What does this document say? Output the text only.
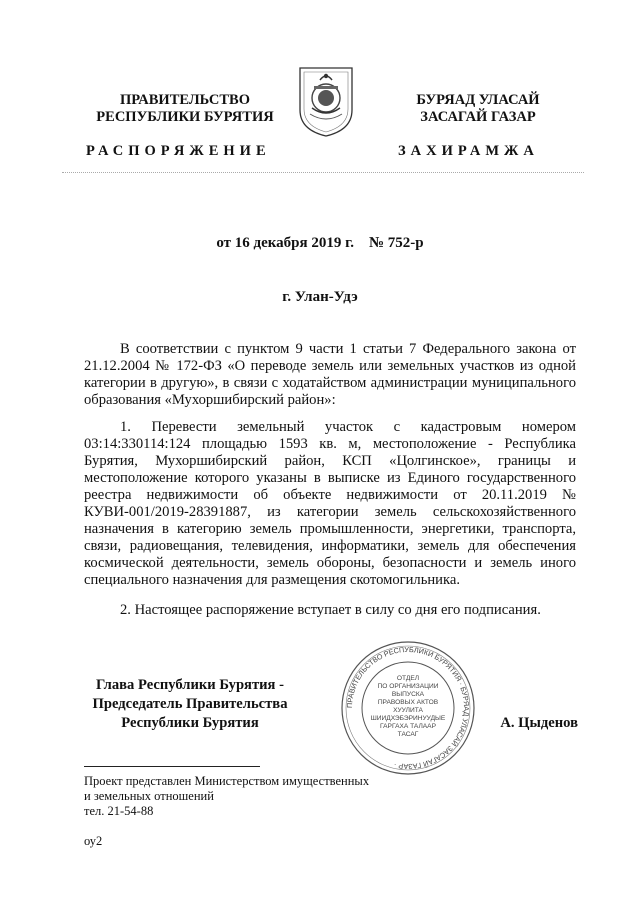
ПРАВИТЕЛЬСТВО
РЕСПУБЛИКИ БУРЯТИЯ
БУРЯАД УЛАСАЙ
ЗАСАГАЙ ГАЗАР
РАСПОРЯЖЕНИЕ	ЗАХИРАМЖА
от 16 декабря 2019 г.    № 752-р
г. Улан-Удэ

В соответствии с пунктом 9 части 1 статьи 7 Федерального закона от 21.12.2004 № 172-ФЗ «О переводе земель или земельных участков из одной категории в другую», в связи с ходатайством администрации муниципального образования «Мухоршибирский район»:

1. Перевести земельный участок с кадастровым номером 03:14:330114:124 площадью 1593 кв. м, местоположение - Республика Бурятия, Мухоршибирский район, КСП «Цолгинское», границы и местоположение которого указаны в выписке из Единого государственного реестра недвижимости об объекте недвижимости от 20.11.2019 № КУВИ-001/2019-28391887, из категории земель сельскохозяйственного назначения в категорию земель промышленности, энергетики, транспорта, связи, радиовещания, телевидения, информатики, земель для обеспечения космической деятельности, земель обороны, безопасности и земель иного специального назначения для размещения скотомогильника.

2. Настоящее распоряжение вступает в силу со дня его подписания.

Глава Республики Бурятия -
Председатель Правительства
Республики Бурятия
ПРАВИТЕЛЬСТВО РЕСПУБЛИКИ БУРЯТИЯ · БУРЯАД УЛАСАЙ ЗАСАГАЙ ГАЗАР ·
ОТДЕЛ
ПО ОРГАНИЗАЦИИ
ВЫПУСКА
ПРАВОВЫХ АКТОВ
ХУУЛИТА
ШИИДХЭБЭРИНУУДЫЕ
ГАРГАХА ТАЛААР
ТАСАГ
А. Цыденов
Проект представлен Министерством имущественных
и земельных отношений
тел. 21-54-88
оу2
